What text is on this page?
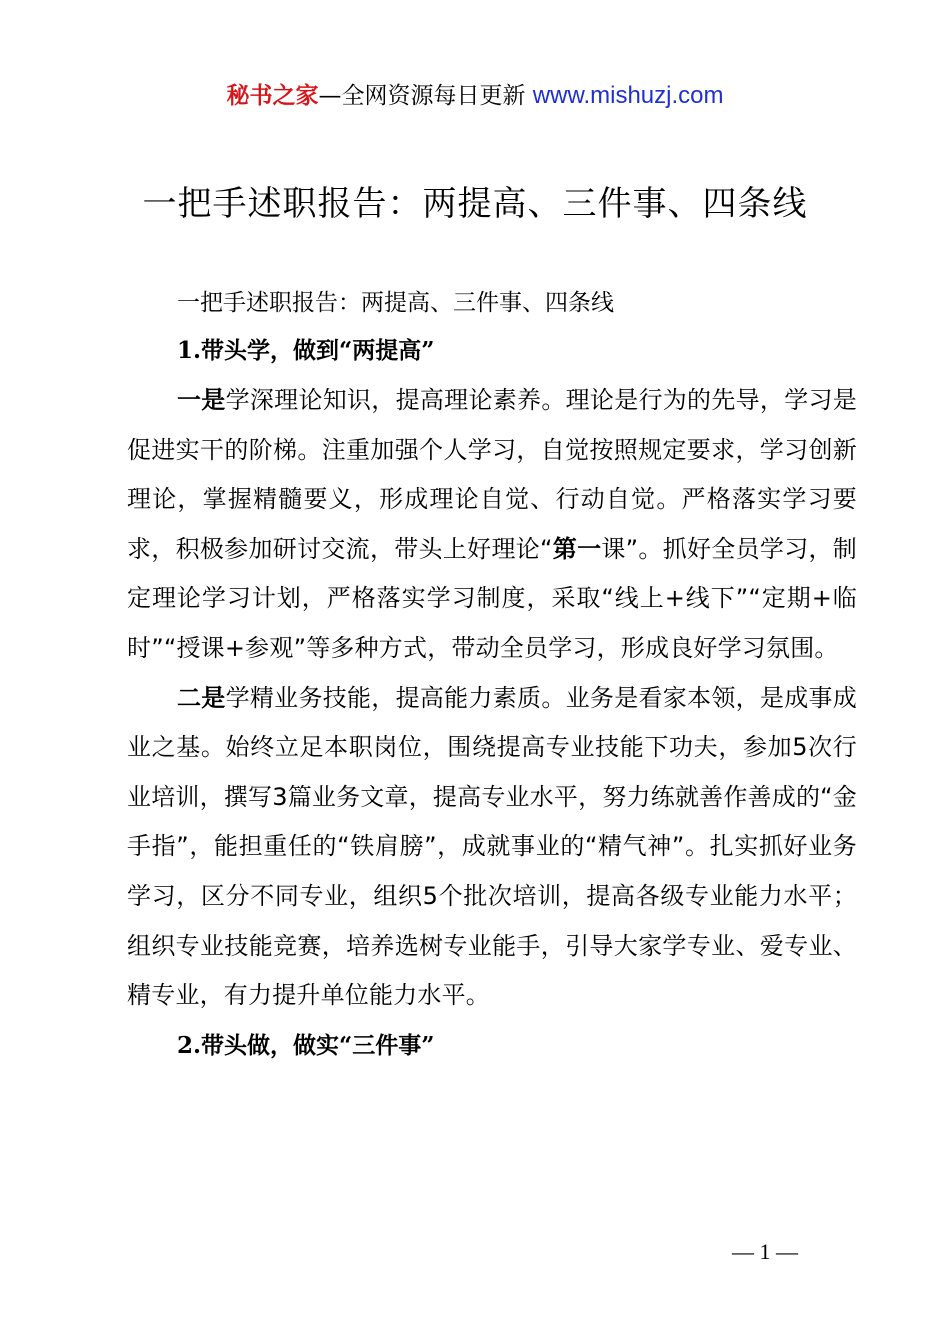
秘书之家—全网资源每日更新 www.mishuzj.com
一把手述职报告：两提高、三件事、四条线

一把手述职报告：两提高、三件事、四条线

1.带头学，做到“两提高”

一是学深理论知识，提高理论素养。理论是行为的先导，学习是促进实干的阶梯。注重加强个人学习，自觉按照规定要求，学习创新理论，掌握精髓要义，形成理论自觉、行动自觉。严格落实学习要求，积极参加研讨交流，带头上好理论“第一课”。抓好全员学习，制定理论学习计划，严格落实学习制度，采取“线上+线下”“定期+临时”“授课+参观”等多种方式，带动全员学习，形成良好学习氛围。

二是学精业务技能，提高能力素质。业务是看家本领，是成事成业之基。始终立足本职岗位，围绕提高专业技能下功夫，参加5次行业培训，撰写3篇业务文章，提高专业水平，努力练就善作善成的“金手指”，能担重任的“铁肩膀”，成就事业的“精气神”。扎实抓好业务学习，区分不同专业，组织5个批次培训，提高各级专业能力水平；组织专业技能竞赛，培养选树专业能手，引导大家学专业、爱专业、精专业，有力提升单位能力水平。

2.带头做，做实“三件事”

— 1 —
